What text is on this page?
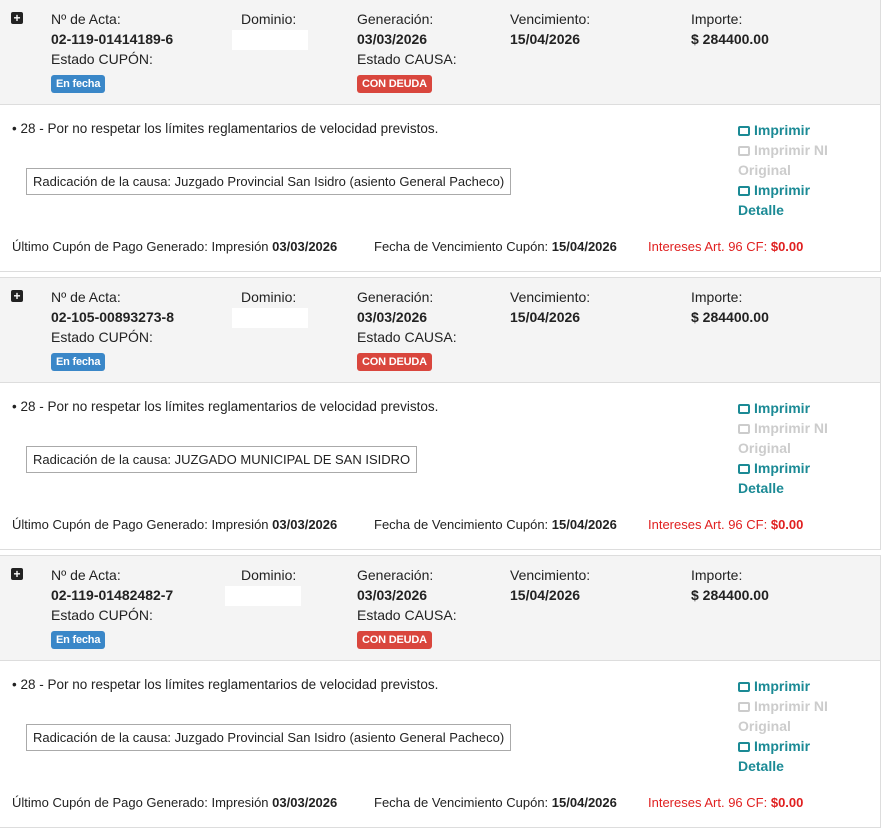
+ Nº de Acta:
02-119-01414189-6
Estado CUPÓN:
En fecha
Dominio:	Generación:
03/03/2026
Estado CAUSA:
CON DEUDA
Vencimiento:
15/04/2026
Importe:
$ 284400.00
• 28 - Por no respetar los límites reglamentarios de velocidad previstos.
Radicación de la causa: Juzgado Provincial San Isidro (asiento General Pacheco)
Imprimir
Imprimir NI
Original
Imprimir
Detalle
Último Cupón de Pago Generado: Impresión 03/03/2026	Fecha de Vencimiento Cupón: 15/04/2026 Intereses Art. 96 CF: $0.00
+ Nº de Acta:
02-105-00893273-8
Estado CUPÓN:
En fecha
Dominio:	Generación:
03/03/2026
Estado CAUSA:
CON DEUDA
Vencimiento:
15/04/2026
Importe:
$ 284400.00
• 28 - Por no respetar los límites reglamentarios de velocidad previstos.
Radicación de la causa: JUZGADO MUNICIPAL DE SAN ISIDRO
Imprimir
Imprimir NI
Original
Imprimir
Detalle
Último Cupón de Pago Generado: Impresión 03/03/2026	Fecha de Vencimiento Cupón: 15/04/2026 Intereses Art. 96 CF: $0.00
+ Nº de Acta:
02-119-01482482-7
Estado CUPÓN:
En fecha
Dominio:	Generación:
03/03/2026
Estado CAUSA:
CON DEUDA
Vencimiento:
15/04/2026
Importe:
$ 284400.00
• 28 - Por no respetar los límites reglamentarios de velocidad previstos.
Radicación de la causa: Juzgado Provincial San Isidro (asiento General Pacheco)
Imprimir
Imprimir NI
Original
Imprimir
Detalle
Último Cupón de Pago Generado: Impresión 03/03/2026	Fecha de Vencimiento Cupón: 15/04/2026 Intereses Art. 96 CF: $0.00
